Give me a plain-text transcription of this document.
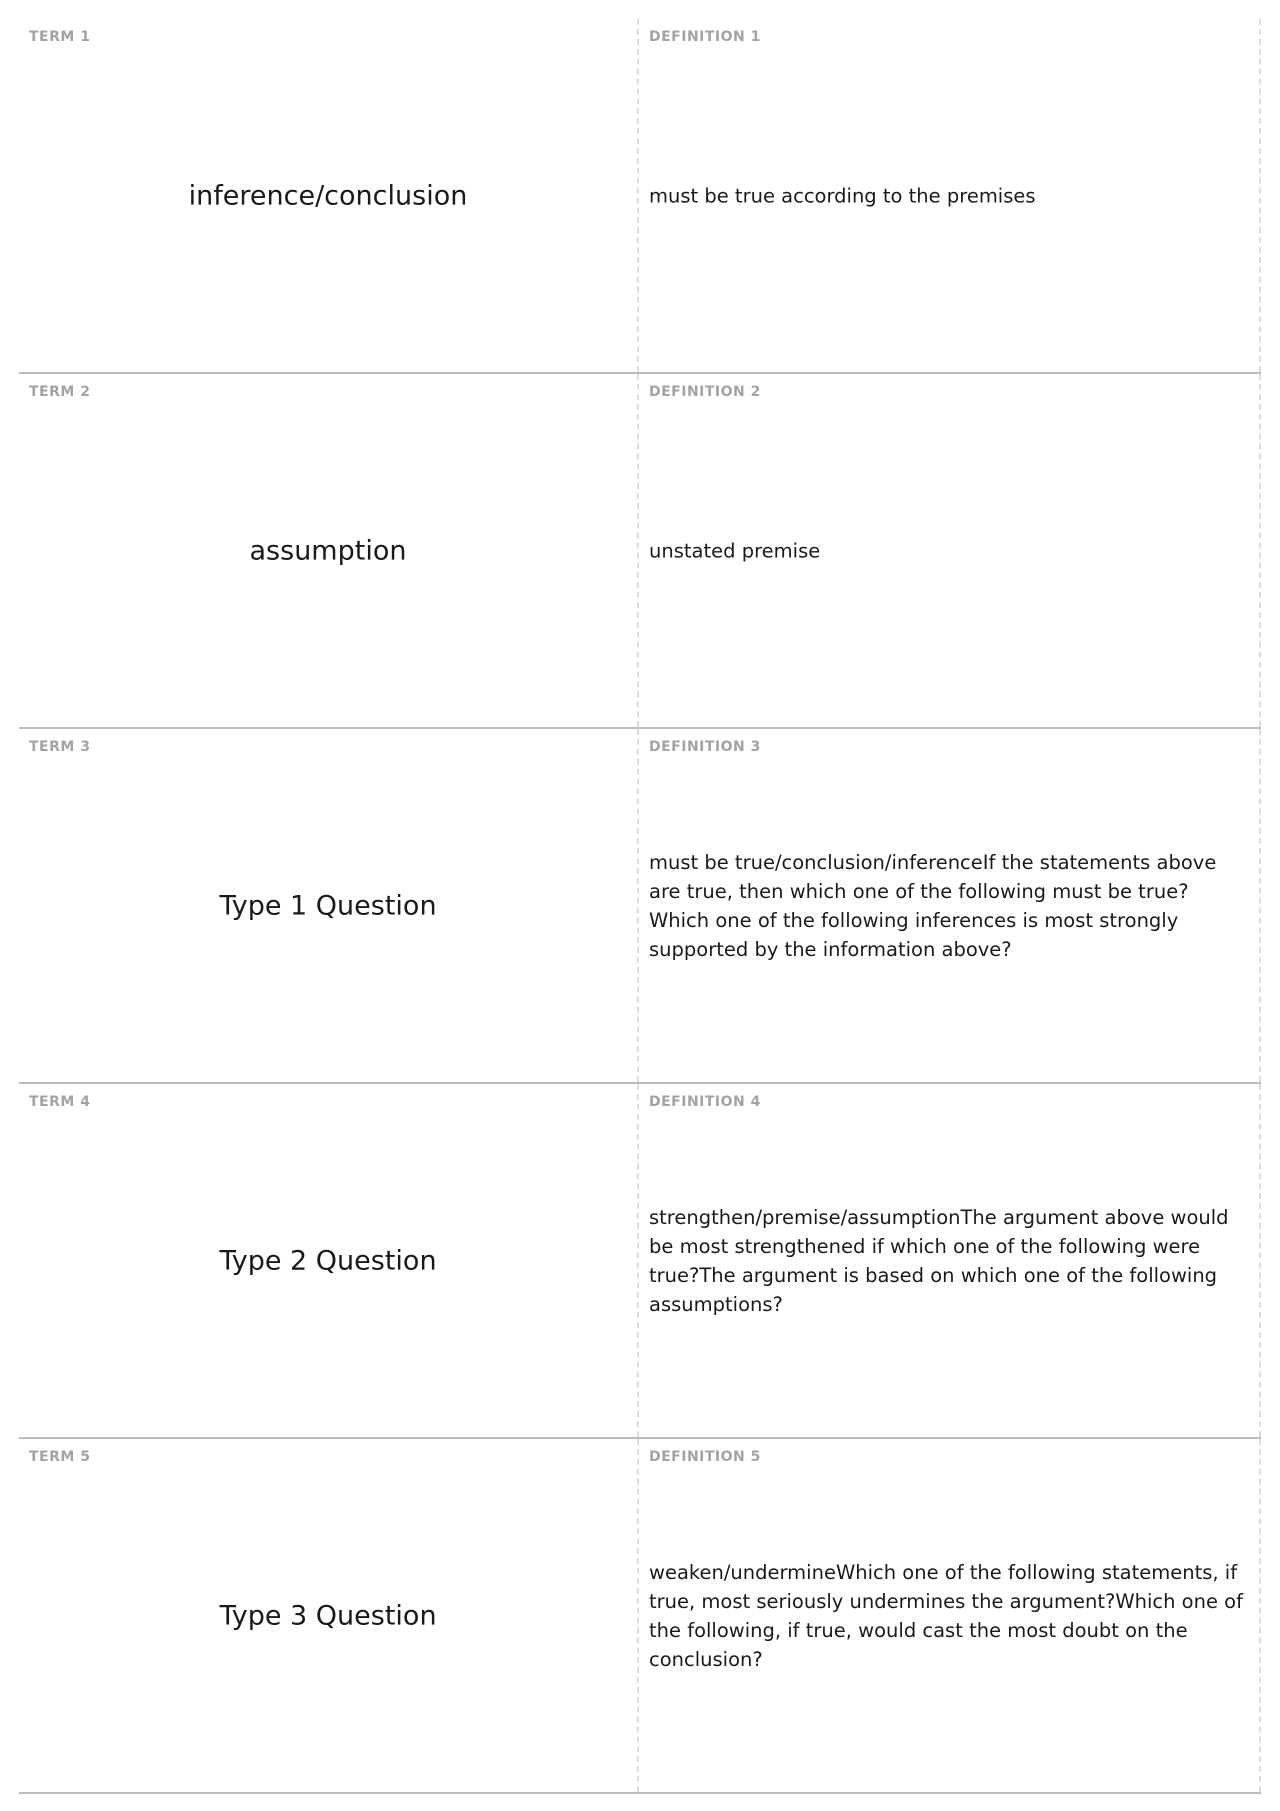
TERM 1
inference/conclusion
DEFINITION 1
must be true according to the premises
TERM 2
assumption
DEFINITION 2
unstated premise
TERM 3
Type 1 Question
DEFINITION 3
must be true/conclusion/inferenceIf the statements above are true, then which one of the following must be true?Which one of the following inferences is most strongly supported by the information above?
TERM 4
Type 2 Question
DEFINITION 4
strengthen/premise/assumptionThe argument above would be most strengthened if which one of the following were true?The argument is based on which one of the following assumptions?
TERM 5
Type 3 Question
DEFINITION 5
weaken/undermineWhich one of the following statements, if true, most seriously undermines the argument?Which one of the following, if true, would cast the most doubt on the conclusion?
